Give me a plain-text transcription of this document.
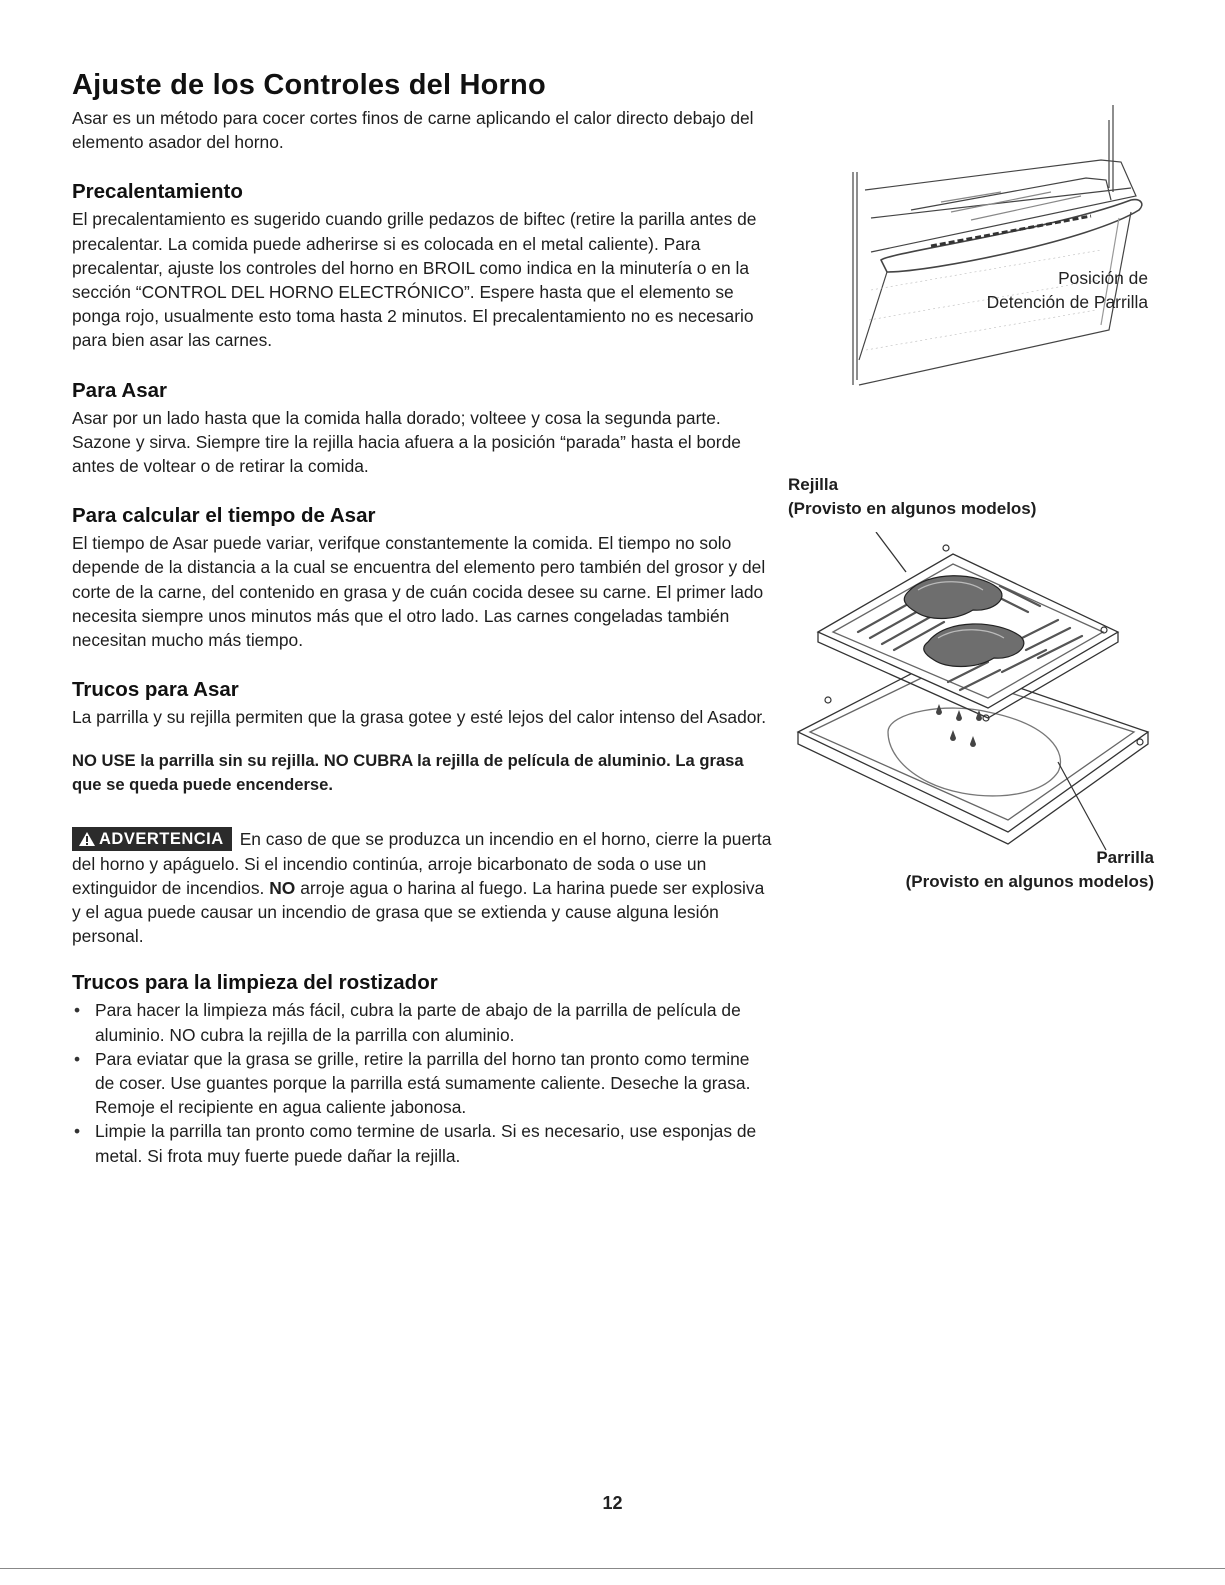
Ajuste de los Controles del Horno

Asar es un método para cocer cortes finos de carne aplicando el calor directo debajo del elemento asador del horno.

Precalentamiento

El precalentamiento es sugerido cuando grille pedazos de biftec (retire la parilla antes de precalentar. La comida puede adherirse si es colocada en el metal caliente). Para precalentar, ajuste los controles del horno en BROIL como indica en la minutería o en la sección “CONTROL DEL HORNO ELECTRÓNICO”. Espere hasta que el elemento se ponga rojo, usualmente esto toma hasta 2 minutos. El precalentamiento no es necesario para bien asar las carnes.

Para Asar

Asar por un lado hasta que la comida halla dorado; volteee y cosa la segunda parte. Sazone y sirva. Siempre tire la rejilla hacia afuera a la posición “parada” hasta el borde antes de voltear o de retirar la comida.

Para calcular el tiempo de Asar

El tiempo de Asar puede variar, verifque constantemente la comida. El tiempo no solo depende de la distancia a la cual se encuentra del elemento pero también del grosor y del corte de la carne, del contenido en grasa y de cuán cocida desee su carne. El primer lado necesita siempre unos minutos más que el otro lado. Las carnes congeladas también necesitan mucho más tiempo.

Trucos para Asar

La parrilla y su rejilla permiten que la grasa gotee y esté lejos del calor intenso del Asador.

NO USE la parrilla sin su rejilla. NO CUBRA la rejilla de película de aluminio. La grasa que se queda puede encenderse.

ADVERTENCIA En caso de que se produzca un incendio en el horno, cierre la puerta del horno y apáguelo. Si el incendio continúa, arroje bicarbonato de soda o use un extinguidor de incendios. NO arroje agua o harina al fuego. La harina puede ser explosiva y el agua puede causar un incendio de grasa que se extienda y cause alguna lesión personal.

Trucos para la limpieza del rostizador
• Para hacer la limpieza más fácil, cubra la parte de abajo de la parrilla de película de aluminio. NO cubra la rejilla de la parrilla con aluminio.
• Para eviatar que la grasa se grille, retire la parrilla del horno tan pronto como termine de coser. Use guantes porque la parrilla está sumamente caliente. Deseche la grasa. Remoje el recipiente en agua caliente jabonosa.
• Limpie la parrilla tan pronto como termine de usarla. Si es necesario, use esponjas de metal. Si frota muy fuerte puede dañar la rejilla.
Posición de
Detención de Parrilla
Rejilla
(Provisto en algunos modelos)
Parrilla
(Provisto en algunos modelos)
12
